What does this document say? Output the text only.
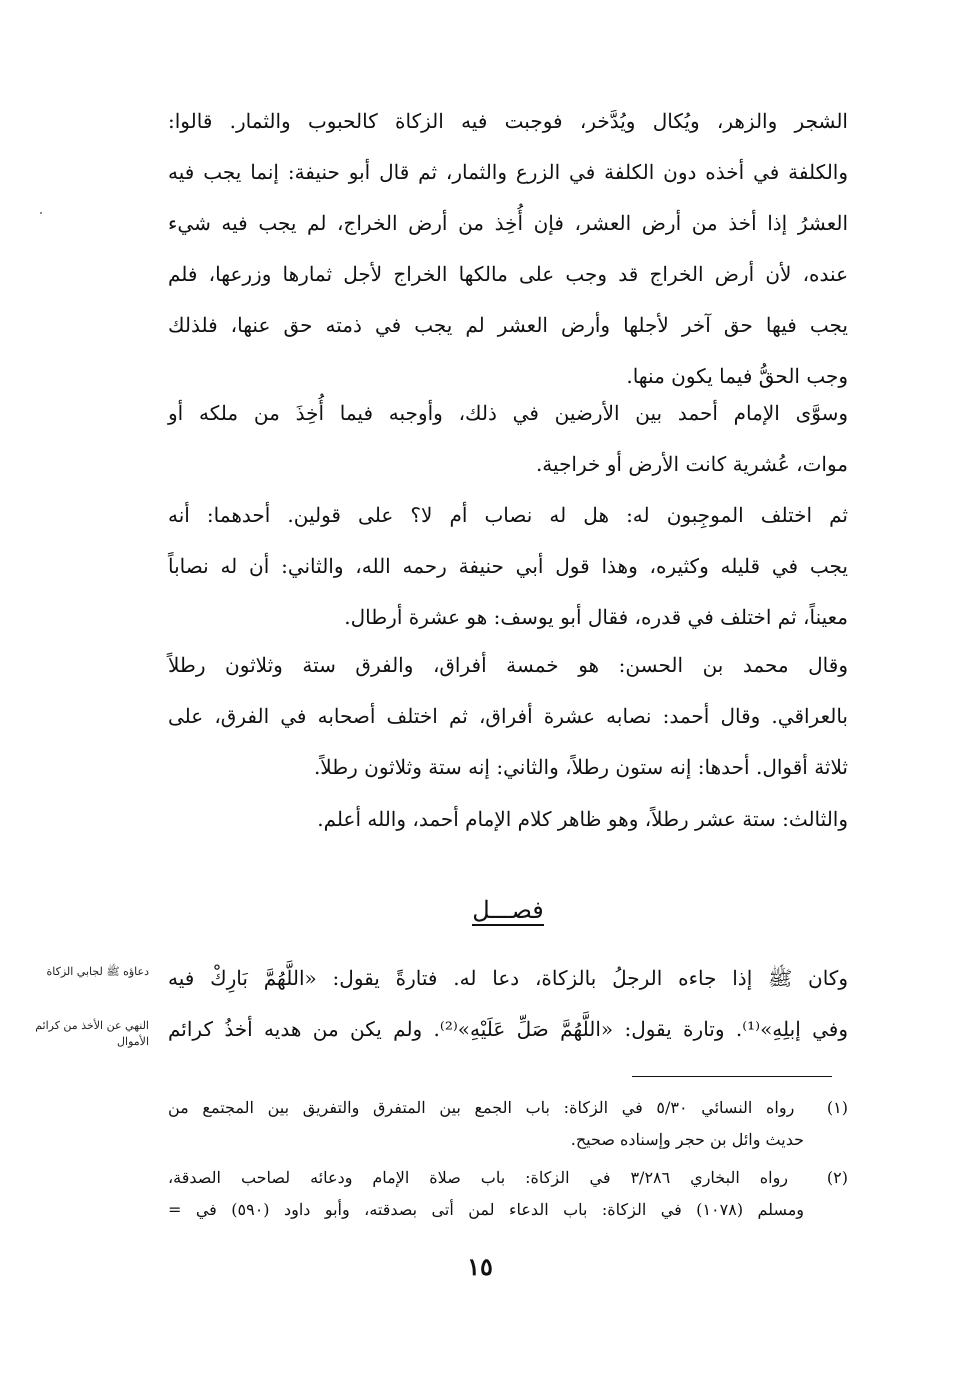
الشجر والزهر، ويُكال ويُدَّخر، فوجبت فيه الزكاة كالحبوب والثمار. قالوا:
والكلفة في أخذه دون الكلفة في الزرع والثمار، ثم قال أبو حنيفة: إنما يجب فيه
العشرُ إذا أخذ من أرض العشر، فإن أُخِذ من أرض الخراج، لم يجب فيه شيء
عنده، لأن أرض الخراج قد وجب على مالكها الخراج لأجل ثمارها وزرعها، فلم
يجب فيها حق آخر لأجلها وأرض العشر لم يجب في ذمته حق عنها، فلذلك
وجب الحقُّ فيما يكون منها.
وسوَّى الإمام أحمد بين الأرضين في ذلك، وأوجبه فيما أُخِذَ من ملكه أو
موات، عُشرية كانت الأرض أو خراجية.
ثم اختلف الموجِبون له: هل له نصاب أم لا؟ على قولين. أحدهما: أنه
يجب في قليله وكثيره، وهذا قول أبي حنيفة رحمه الله، والثاني: أن له نصاباً
معيناً، ثم اختلف في قدره، فقال أبو يوسف: هو عشرة أرطال.
وقال محمد بن الحسن: هو خمسة أفراق، والفرق ستة وثلاثون رطلاً
بالعراقي. وقال أحمد: نصابه عشرة أفراق، ثم اختلف أصحابه في الفرق، على
ثلاثة أقوال. أحدها: إنه ستون رطلاً، والثاني: إنه ستة وثلاثون رطلاً.
والثالث: ستة عشر رطلاً، وهو ظاهر كلام الإمام أحمد، والله أعلم.
فصـــل
وكان ﷺ إذا جاءه الرجلُ بالزكاة، دعا له. فتارةً يقول: «اللَّهُمَّ بَارِكْ فيه
وفي إبلِهِ»⁽¹⁾. وتارة يقول: «اللَّهُمَّ صَلِّ عَلَيْهِ»⁽²⁾. ولم يكن من هديه أخذُ كرائم
دعاؤه ﷺ لجابي الزكاة
النهي عن الأخذ من كرائم الأموال
(١) رواه النسائي ٥/٣٠ في الزكاة: باب الجمع بين المتفرق والتفريق بين المجتمع من
حديث وائل بن حجر وإسناده صحيح.
(٢) رواه البخاري ٣/٢٨٦ في الزكاة: باب صلاة الإمام ودعائه لصاحب الصدقة،
ومسلم (١٠٧٨) في الزكاة: باب الدعاء لمن أتى بصدقته، وأبو داود (٥٩٠) في =
١٥
